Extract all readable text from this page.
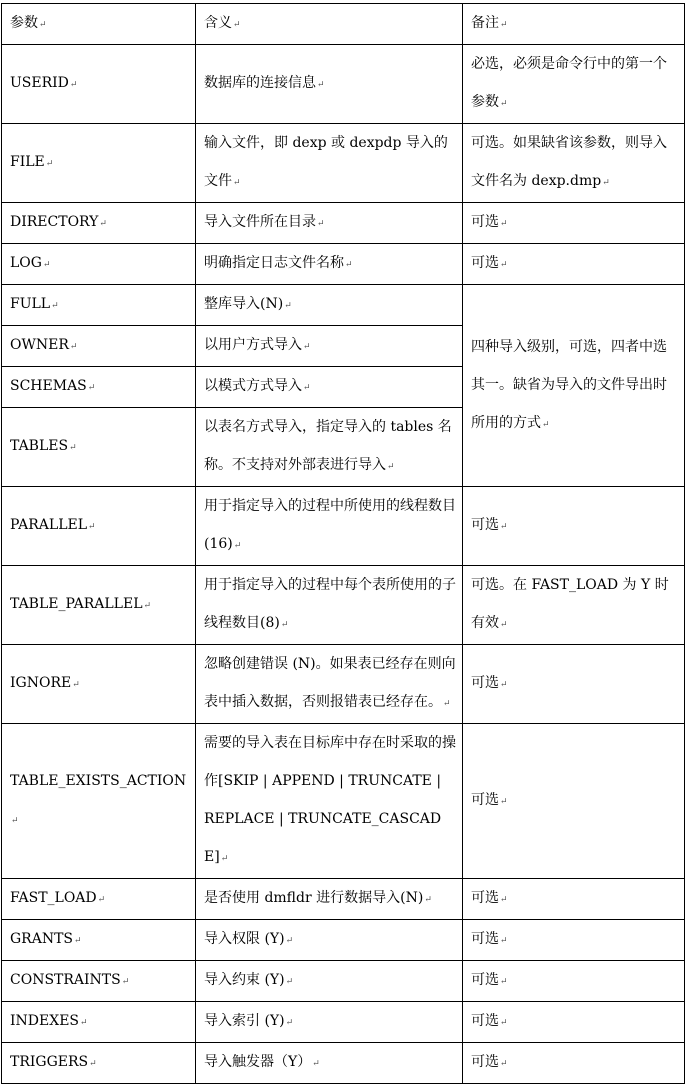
参数 ↵	含义 ↵	备注 ↵
USERID ↵	数据库的连接信息 ↵	必选，必须是命令行中的第一个参数 ↵
FILE ↵	输入文件，即 dexp 或 dexpdp 导入的文件 ↵	可选。如果缺省该参数，则导入文件名为 dexp.dmp ↵
DIRECTORY ↵	导入文件所在目录 ↵	可选 ↵
LOG ↵	明确指定日志文件名称 ↵	可选 ↵
FULL ↵	整库导入(N) ↵	四种导入级别，可选，四者中选其一。缺省为导入的文件导出时所用的方式 ↵
OWNER ↵	以用户方式导入 ↵
SCHEMAS ↵	以模式方式导入 ↵
TABLES ↵	以表名方式导入，指定导入的 tables 名称。不支持对外部表进行导入 ↵
PARALLEL ↵	用于指定导入的过程中所使用的线程数目(16) ↵	可选 ↵
TABLE_PARALLEL ↵	用于指定导入的过程中每个表所使用的子线程数目(8) ↵	可选。在 FAST_LOAD 为 Y 时有效 ↵
IGNORE ↵	忽略创建错误 (N)。如果表已经存在则向表中插入数据，否则报错表已经存在。 ↵	可选 ↵
TABLE_EXISTS_ACTION ↵	需要的导入表在目标库中存在时采取的操作[SKIP | APPEND | TRUNCATE | REPLACE | TRUNCATE_CASCADE] ↵	可选 ↵
FAST_LOAD ↵	是否使用 dmfldr 进行数据导入(N) ↵	可选 ↵
GRANTS ↵	导入权限 (Y) ↵	可选 ↵
CONSTRAINTS ↵	导入约束 (Y) ↵	可选 ↵
INDEXES ↵	导入索引 (Y) ↵	可选 ↵
TRIGGERS ↵	导入触发器（Y） ↵	可选 ↵
